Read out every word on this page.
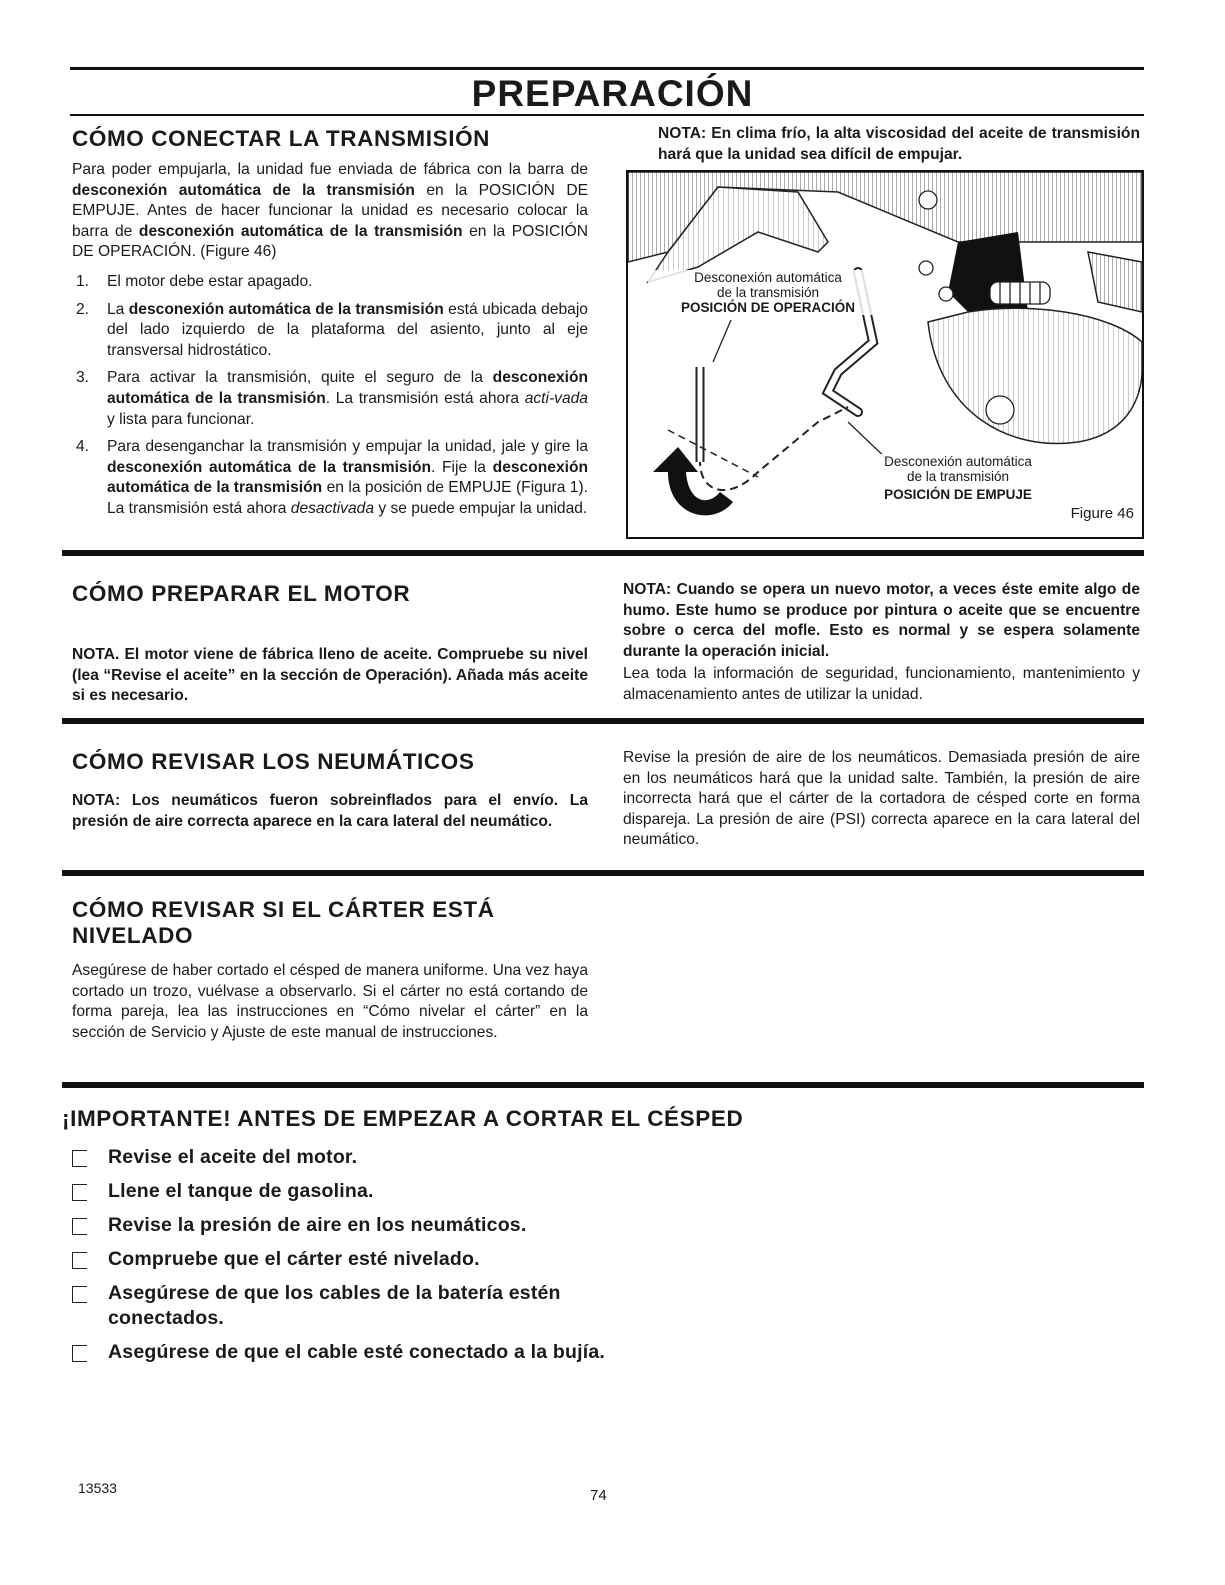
PREPARACIÓN
CÓMO CONECTAR LA TRANSMISIÓN

Para poder empujarla, la unidad fue enviada de fábrica con la barra de desconexión automática de la transmisión en la POSICIÓN DE EMPUJE. Antes de hacer funcionar la unidad es necesario colocar la barra de desconexión automática de la transmisión en la POSICIÓN DE OPERACIÓN. (Figure 46)

1. El motor debe estar apagado.
2. La desconexión automática de la transmisión está ubicada debajo del lado izquierdo de la plataforma del asiento, junto al eje transversal hidrostático.
3. Para activar la transmisión, quite el seguro de la desconexión automática de la transmisión. La transmisión está ahora acti-vada y lista para funcionar.
4. Para desenganchar la transmisión y empujar la unidad, jale y gire la desconexión automática de la transmisión. Fije la desconexión automática de la transmisión en la posición de EMPUJE (Figura 1). La transmisión está ahora desactivada y se puede empujar la unidad.

NOTA: En clima frío, la alta viscosidad del aceite de transmisión hará que la unidad sea difícil de empujar.

Desconexión automática
de la transmisión
POSICIÓN DE OPERACIÓN
Desconexión automática
de la transmisión
POSICIÓN DE EMPUJE
Figure 46
CÓMO PREPARAR EL MOTOR

NOTA. El motor viene de fábrica lleno de aceite. Compruebe su nivel (lea “Revise el aceite” en la sección de Operación). Añada más aceite si es necesario.

NOTA: Cuando se opera un nuevo motor, a veces éste emite algo de humo. Este humo se produce por pintura o aceite que se encuentre sobre o cerca del mofle. Esto es normal y se espera solamente durante la operación inicial.

Lea toda la información de seguridad, funcionamiento, mantenimiento y almacenamiento antes de utilizar la unidad.

CÓMO REVISAR LOS NEUMÁTICOS

NOTA: Los neumáticos fueron sobreinflados para el envío. La presión de aire correcta aparece en la cara lateral del neumático.

Revise la presión de aire de los neumáticos. Demasiada presión de aire en los neumáticos hará que la unidad salte. También, la presión de aire incorrecta hará que el cárter de la cortadora de césped corte en forma dispareja. La presión de aire (PSI) correcta aparece en la cara lateral del neumático.

CÓMO REVISAR SI EL CÁRTER ESTÁ
NIVELADO

Asegúrese de haber cortado el césped de manera uniforme. Una vez haya cortado un trozo, vuélvase a observarlo. Si el cárter no está cortando de forma pareja, lea las instrucciones en “Cómo nivelar el cárter” en la sección de Servicio y Ajuste de este manual de instrucciones.

¡IMPORTANTE! ANTES DE EMPEZAR A CORTAR EL CÉSPED
Revise el aceite del motor.
Llene el tanque de gasolina.
Revise la presión de aire en los neumáticos.
Compruebe que el cárter esté nivelado.
Asegúrese de que los cables de la batería estén conectados.
Asegúrese de que el cable esté conectado a la bujía.
13533	74
